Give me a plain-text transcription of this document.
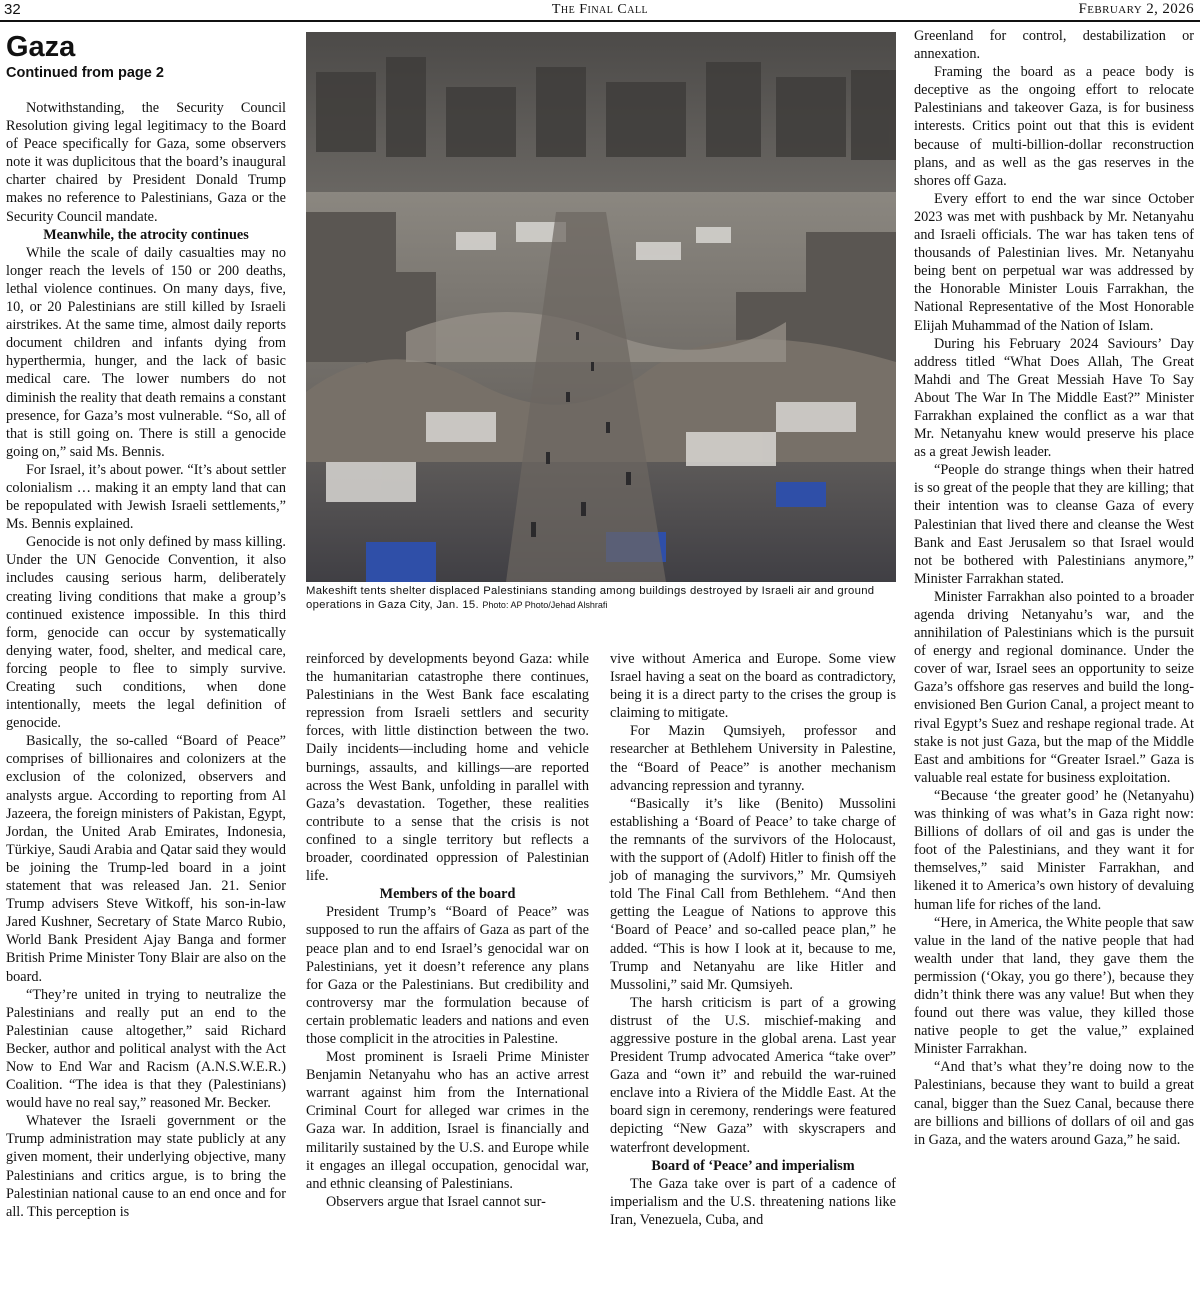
32	The Final Call	February 2, 2026
Gaza
Continued from page 2

Notwithstanding, the Security Council Resolution giving legal legitimacy to the Board of Peace specifically for Gaza, some observers note it was duplicitous that the board’s inaugural charter chaired by President Donald Trump makes no reference to Palestinians, Gaza or the Security Council mandate.

Meanwhile, the atrocity continues

While the scale of daily casualties may no longer reach the levels of 150 or 200 deaths, lethal violence continues. On many days, five, 10, or 20 Palestinians are still killed by Israeli airstrikes. At the same time, almost daily reports document children and infants dying from hyperthermia, hunger, and the lack of basic medical care. The lower numbers do not diminish the reality that death remains a constant presence, for Gaza’s most vulnerable. “So, all of that is still going on. There is still a genocide going on,” said Ms. Bennis.

For Israel, it’s about power. “It’s about settler colonialism … making it an empty land that can be repopulated with Jewish Israeli settlements,” Ms. Bennis explained.

Genocide is not only defined by mass killing. Under the UN Genocide Convention, it also includes causing serious harm, deliberately creating living conditions that make a group’s continued existence impossible. In this third form, genocide can occur by systematically denying water, food, shelter, and medical care, forcing people to flee to simply survive. Creating such conditions, when done intentionally, meets the legal definition of genocide.

Basically, the so-called “Board of Peace” comprises of billionaires and colonizers at the exclusion of the colonized, observers and analysts argue. According to reporting from Al Jazeera, the foreign ministers of Pakistan, Egypt, Jordan, the United Arab Emirates, Indonesia, Türkiye, Saudi Arabia and Qatar said they would be joining the Trump-led board in a joint statement that was released Jan. 21. Senior Trump advisers Steve Witkoff, his son-in-law Jared Kushner, Secretary of State Marco Rubio, World Bank President Ajay Banga and former British Prime Minister Tony Blair are also on the board.

“They’re united in trying to neutralize the Palestinians and really put an end to the Palestinian cause altogether,” said Richard Becker, author and political analyst with the Act Now to End War and Racism (A.N.S.W.E.R.) Coalition. “The idea is that they (Palestinians) would have no real say,” reasoned Mr. Becker.

Whatever the Israeli government or the Trump administration may state publicly at any given moment, their underlying objective, many Palestinians and critics argue, is to bring the Palestinian national cause to an end once and for all. This perception is

Makeshift tents shelter displaced Palestinians standing among buildings destroyed by Israeli air and ground operations in Gaza City, Jan. 15. Photo: AP Photo/Jehad Alshrafi

reinforced by developments beyond Gaza: while the humanitarian catastrophe there continues, Palestinians in the West Bank face escalating repression from Israeli settlers and security forces, with little distinction between the two. Daily incidents—including home and vehicle burnings, assaults, and killings—are reported across the West Bank, unfolding in parallel with Gaza’s devastation. Together, these realities contribute to a sense that the crisis is not confined to a single territory but reflects a broader, coordinated oppression of Palestinian life.

Members of the board

President Trump’s “Board of Peace” was supposed to run the affairs of Gaza as part of the peace plan and to end Israel’s genocidal war on Palestinians, yet it doesn’t reference any plans for Gaza or the Palestinians. But credibility and controversy mar the formulation because of certain problematic leaders and nations and even those complicit in the atrocities in Palestine.

Most prominent is Israeli Prime Minister Benjamin Netanyahu who has an active arrest warrant against him from the International Criminal Court for alleged war crimes in the Gaza war. In addition, Israel is financially and militarily sustained by the U.S. and Europe while it engages an illegal occupation, genocidal war, and ethnic cleansing of Palestinians.

Observers argue that Israel cannot sur-

vive without America and Europe. Some view Israel having a seat on the board as contradictory, being it is a direct party to the crises the group is claiming to mitigate.

For Mazin Qumsiyeh, professor and researcher at Bethlehem University in Palestine, the “Board of Peace” is another mechanism advancing repression and tyranny.

“Basically it’s like (Benito) Mussolini establishing a ‘Board of Peace’ to take charge of the remnants of the survivors of the Holocaust, with the support of (Adolf) Hitler to finish off the job of managing the survivors,” Mr. Qumsiyeh told The Final Call from Bethlehem. “And then getting the League of Nations to approve this ‘Board of Peace’ and so-called peace plan,” he added. “This is how I look at it, because to me, Trump and Netanyahu are like Hitler and Mussolini,” said Mr. Qumsiyeh.

The harsh criticism is part of a growing distrust of the U.S. mischief-making and aggressive posture in the global arena. Last year President Trump advocated America “take over” Gaza and “own it” and rebuild the war-ruined enclave into a Riviera of the Middle East. At the board sign in ceremony, renderings were featured depicting “New Gaza” with skyscrapers and waterfront development.

Board of ‘Peace’ and imperialism

The Gaza take over is part of a cadence of imperialism and the U.S. threatening nations like Iran, Venezuela, Cuba, and

Greenland for control, destabilization or annexation.

Framing the board as a peace body is deceptive as the ongoing effort to relocate Palestinians and takeover Gaza, is for business interests. Critics point out that this is evident because of multi-billion-dollar reconstruction plans, and as well as the gas reserves in the shores off Gaza.

Every effort to end the war since October 2023 was met with pushback by Mr. Netanyahu and Israeli officials. The war has taken tens of thousands of Palestinian lives. Mr. Netanyahu being bent on perpetual war was addressed by the Honorable Minister Louis Farrakhan, the National Representative of the Most Honorable Elijah Muhammad of the Nation of Islam.

During his February 2024 Saviours’ Day address titled “What Does Allah, The Great Mahdi and The Great Messiah Have To Say About The War In The Middle East?” Minister Farrakhan explained the conflict as a war that Mr. Netanyahu knew would preserve his place as a great Jewish leader.

“People do strange things when their hatred is so great of the people that they are killing; that their intention was to cleanse Gaza of every Palestinian that lived there and cleanse the West Bank and East Jerusalem so that Israel would not be bothered with Palestinians anymore,” Minister Farrakhan stated.

Minister Farrakhan also pointed to a broader agenda driving Netanyahu’s war, and the annihilation of Palestinians which is the pursuit of energy and regional dominance. Under the cover of war, Israel sees an opportunity to seize Gaza’s offshore gas reserves and build the long-envisioned Ben Gurion Canal, a project meant to rival Egypt’s Suez and reshape regional trade. At stake is not just Gaza, but the map of the Middle East and ambitions for “Greater Israel.” Gaza is valuable real estate for business exploitation.

“Because ‘the greater good’ he (Netanyahu) was thinking of was what’s in Gaza right now: Billions of dollars of oil and gas is under the foot of the Palestinians, and they want it for themselves,” said Minister Farrakhan, and likened it to America’s own history of devaluing human life for riches of the land.

“Here, in America, the White people that saw value in the land of the native people that had wealth under that land, they gave them the permission (‘Okay, you go there’), because they didn’t think there was any value! But when they found out there was value, they killed those native people to get the value,” explained Minister Farrakhan.

“And that’s what they’re doing now to the Palestinians, because they want to build a great canal, bigger than the Suez Canal, because there are billions and billions of dollars of oil and gas in Gaza, and the waters around Gaza,” he said.
